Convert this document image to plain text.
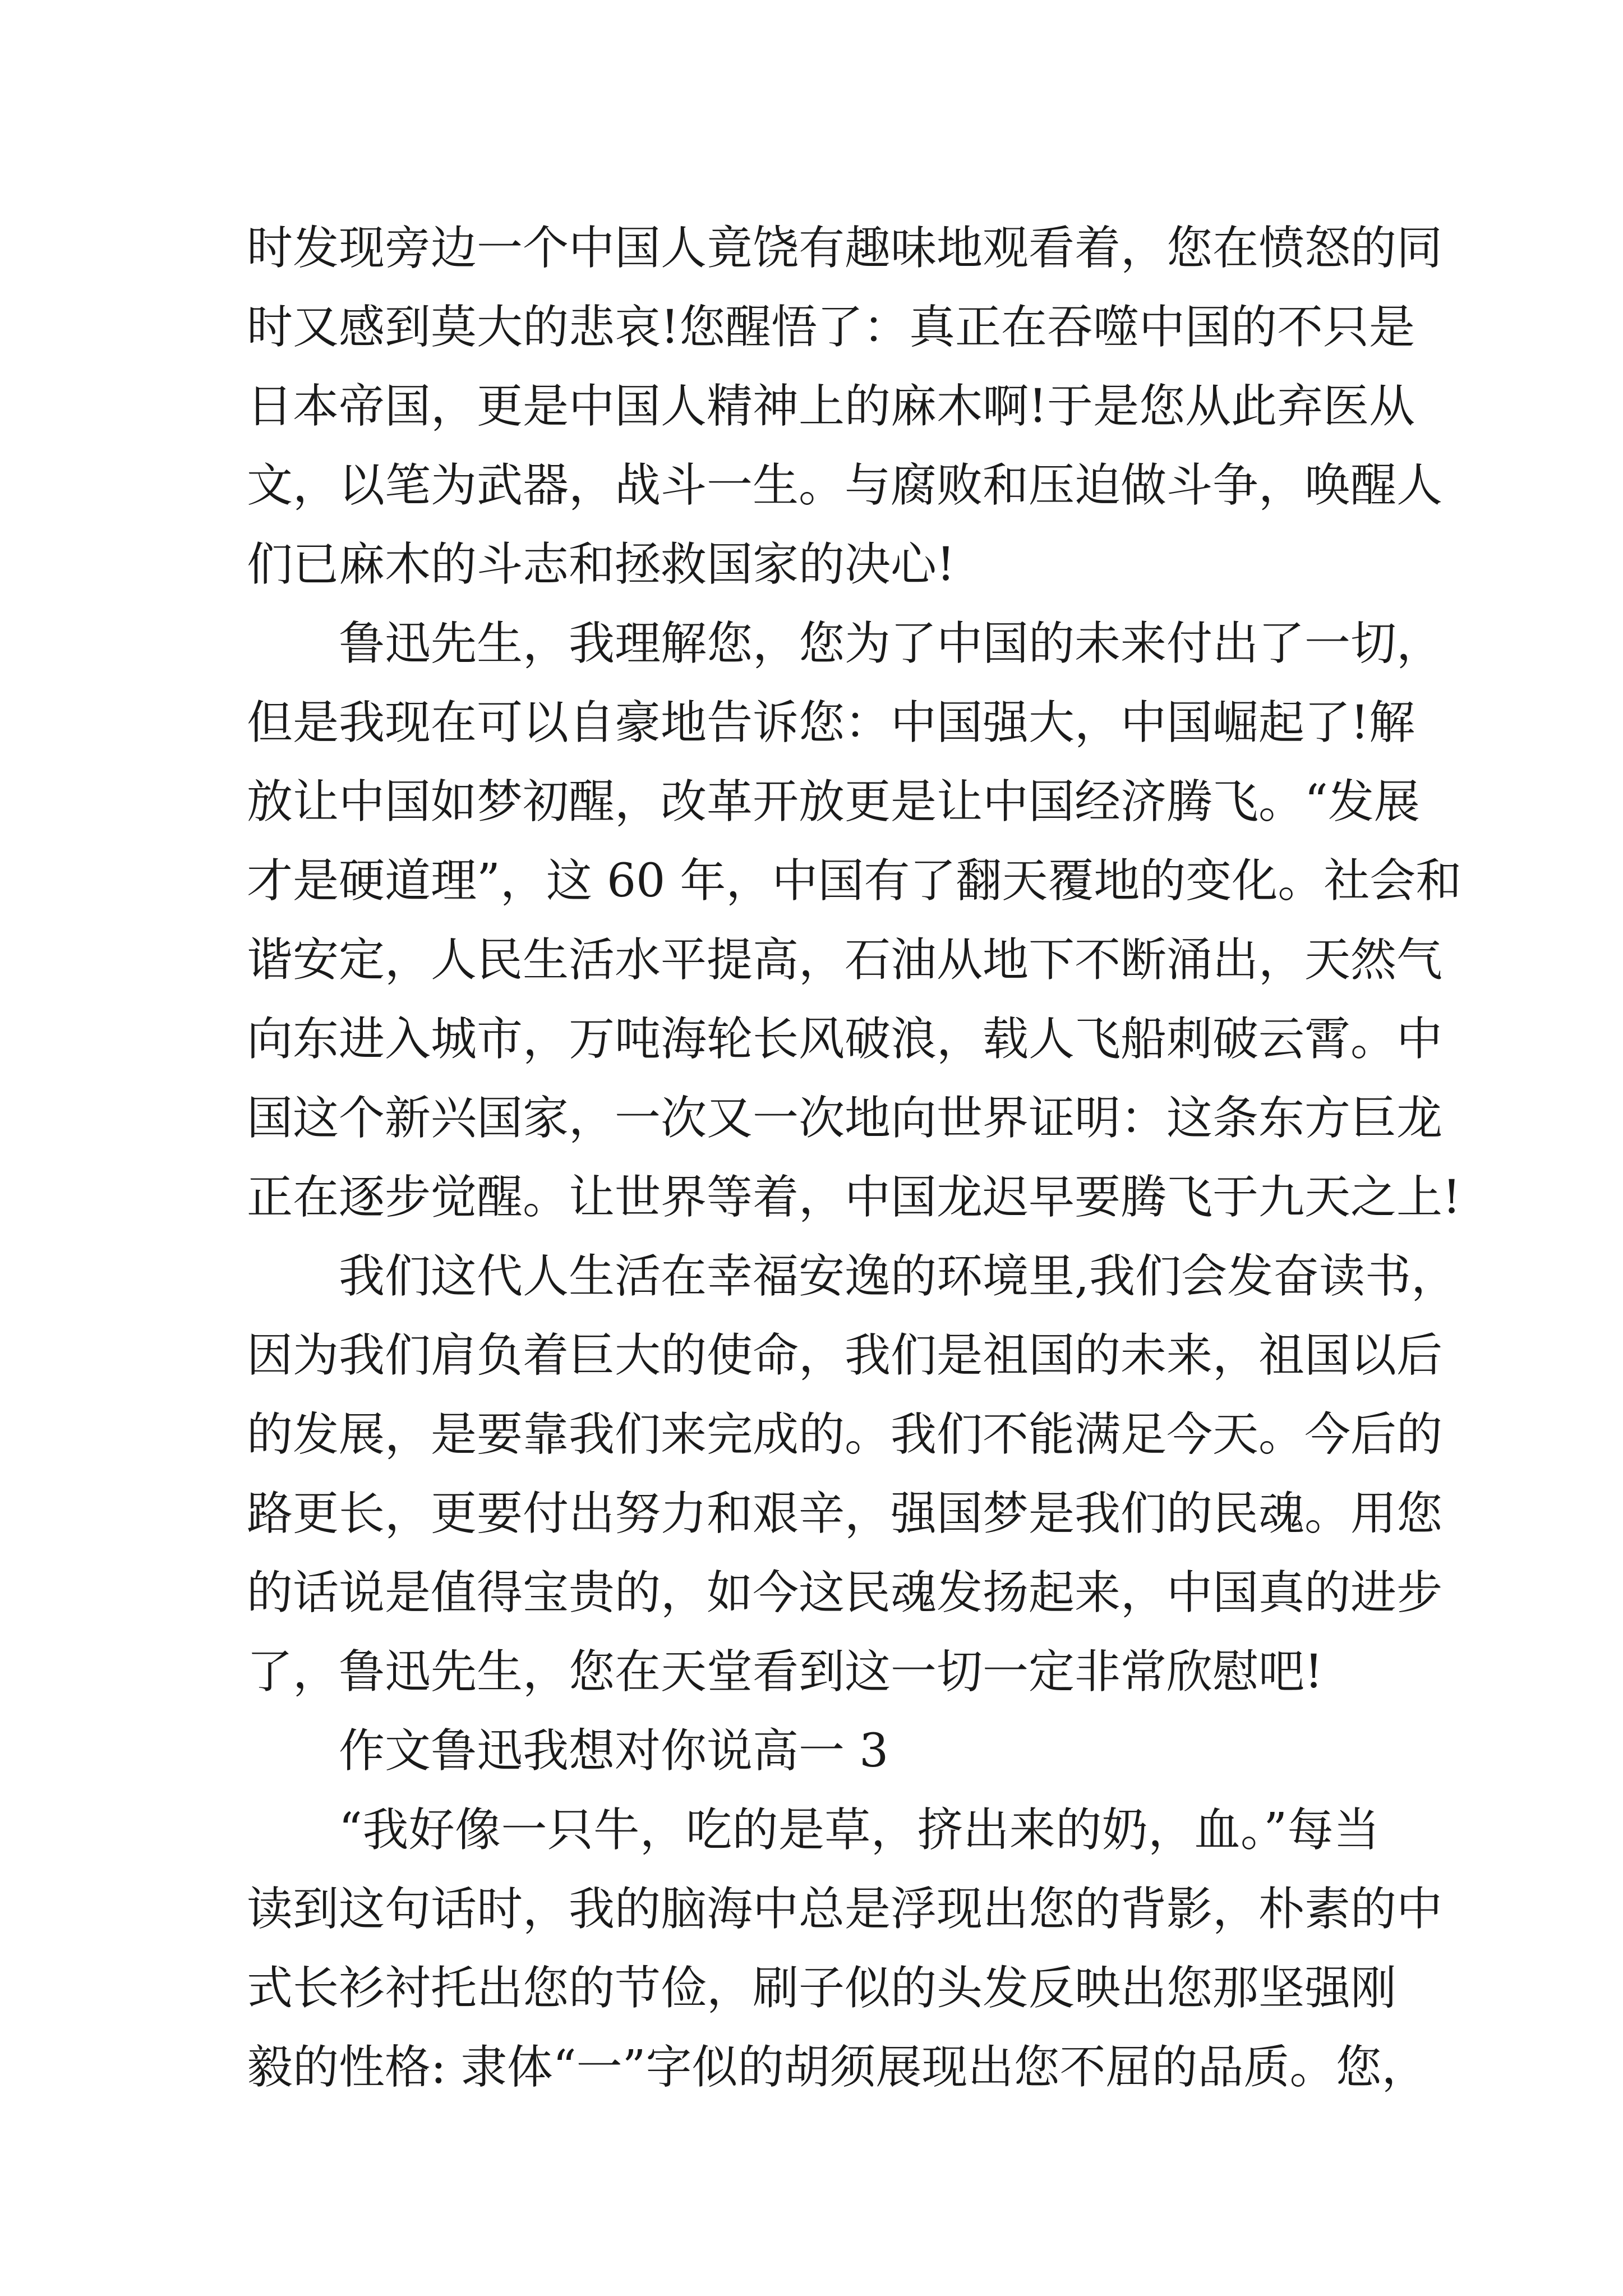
时发现旁边一个中国人竟饶有趣味地观看着，您在愤怒的同
时又感到莫大的悲哀!您醒悟了：真正在吞噬中国的不只是
日本帝国，更是中国人精神上的麻木啊!于是您从此弃医从
文，以笔为武器，战斗一生。与腐败和压迫做斗争，唤醒人
们已麻木的斗志和拯救国家的决心!
鲁迅先生，我理解您，您为了中国的未来付出了一切，
但是我现在可以自豪地告诉您：中国强大，中国崛起了!解
放让中国如梦初醒，改革开放更是让中国经济腾飞。“发展
才是硬道理”，这 60 年，中国有了翻天覆地的变化。社会和
谐安定，人民生活水平提高，石油从地下不断涌出，天然气
向东进入城市，万吨海轮长风破浪，载人飞船刺破云霄。中
国这个新兴国家，一次又一次地向世界证明：这条东方巨龙
正在逐步觉醒。让世界等着，中国龙迟早要腾飞于九天之上!
我们这代人生活在幸福安逸的环境里,我们会发奋读书，
因为我们肩负着巨大的使命，我们是祖国的未来，祖国以后
的发展，是要靠我们来完成的。我们不能满足今天。今后的
路更长，更要付出努力和艰辛，强国梦是我们的民魂。用您
的话说是值得宝贵的，如今这民魂发扬起来，中国真的进步
了，鲁迅先生，您在天堂看到这一切一定非常欣慰吧!
作文鲁迅我想对你说高一 3
“我好像一只牛，吃的是草，挤出来的奶，血。”每当
读到这句话时，我的脑海中总是浮现出您的背影，朴素的中
式长衫衬托出您的节俭，刷子似的头发反映出您那坚强刚
毅的性格: 隶体“一”字似的胡须展现出您不屈的品质。您，
